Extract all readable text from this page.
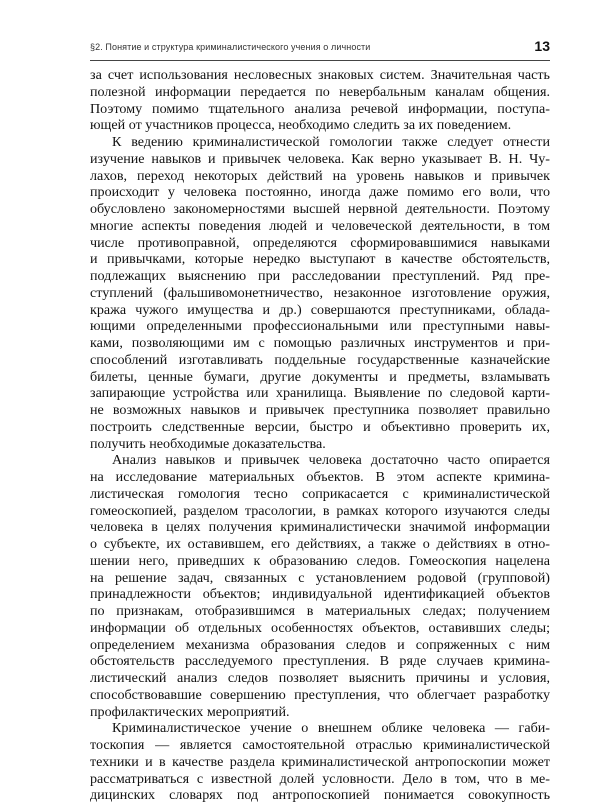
§2. Понятие и структура криминалистического учения о личности	13
за счет использования несловесных знаковых систем. Значительная часть
полезной информации передается по невербальным каналам общения.
Поэтому помимо тщательного анализа речевой информации, поступа-
ющей от участников процесса, необходимо следить за их поведением.
К ведению криминалистической гомологии также следует отнести
изучение навыков и привычек человека. Как верно указывает В. Н. Чу-
лахов, переход некоторых действий на уровень навыков и привычек
происходит у человека постоянно, иногда даже помимо его воли, что
обусловлено закономерностями высшей нервной деятельности. Поэтому
многие аспекты поведения людей и человеческой деятельности, в том
числе противоправной, определяются сформировавшимися навыками
и привычками, которые нередко выступают в качестве обстоятельств,
подлежащих выяснению при расследовании преступлений. Ряд пре-
ступлений (фальшивомонетничество, незаконное изготовление оружия,
кража чужого имущества и др.) совершаются преступниками, облада-
ющими определенными профессиональными или преступными навы-
ками, позволяющими им с помощью различных инструментов и при-
способлений изготавливать поддельные государственные казначейские
билеты, ценные бумаги, другие документы и предметы, взламывать
запирающие устройства или хранилища. Выявление по следовой карти-
не возможных навыков и привычек преступника позволяет правильно
построить следственные версии, быстро и объективно проверить их,
получить необходимые доказательства.
Анализ навыков и привычек человека достаточно часто опирается
на исследование материальных объектов. В этом аспекте кримина-
листическая гомология тесно соприкасается с криминалистической
гомеоскопией, разделом трасологии, в рамках которого изучаются следы
человека в целях получения криминалистически значимой информации
о субъекте, их оставившем, его действиях, а также о действиях в отно-
шении него, приведших к образованию следов. Гомеоскопия нацелена
на решение задач, связанных с установлением родовой (групповой)
принадлежности объектов; индивидуальной идентификацией объектов
по признакам, отобразившимся в материальных следах; получением
информации об отдельных особенностях объектов, оставивших следы;
определением механизма образования следов и сопряженных с ним
обстоятельств расследуемого преступления. В ряде случаев кримина-
листический анализ следов позволяет выяснить причины и условия,
способствовавшие совершению преступления, что облегчает разработку
профилактических мероприятий.
Криминалистическое учение о внешнем облике человека — габи-
тоскопия — является самостоятельной отраслью криминалистической
техники и в качестве раздела криминалистической антропоскопии может
рассматриваться с известной долей условности. Дело в том, что в ме-
дицинских словарях под антропоскопией понимается совокупность
